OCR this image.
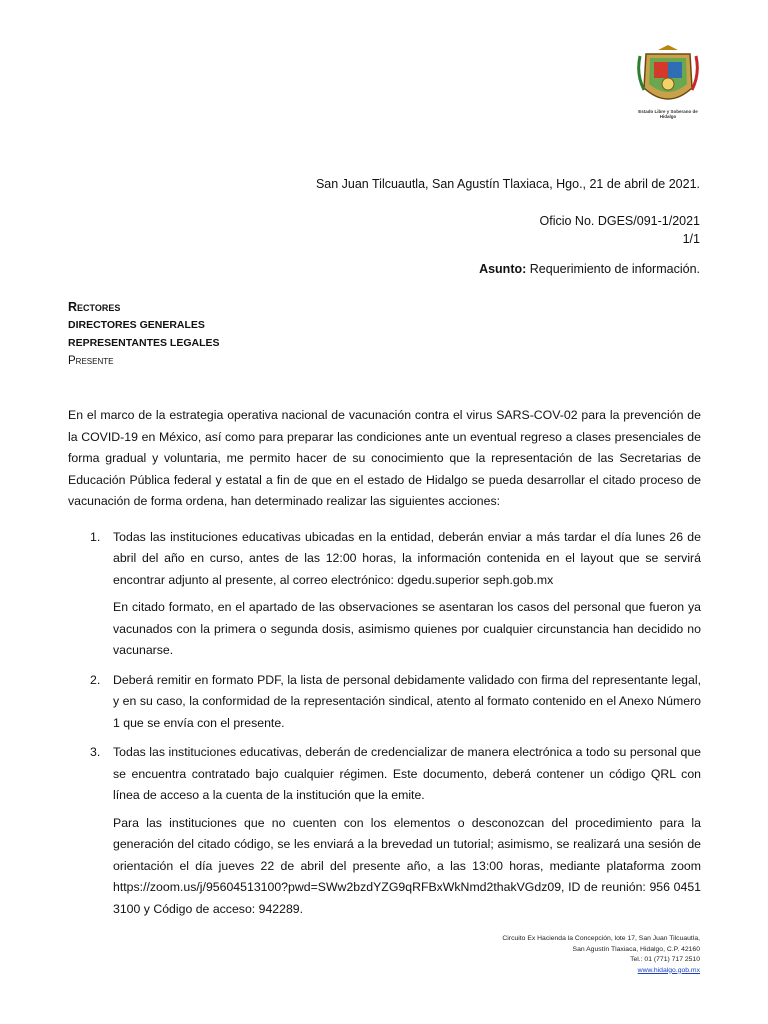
Estado Libre y Soberano de Hidalgo
San Juan Tilcuautla, San Agustín Tlaxiaca, Hgo., 21 de abril de 2021.
Oficio No. DGES/091-1/2021
1/1
Asunto: Requerimiento de información.
Rectores
DIRECTORES GENERALES
REPRESENTANTES LEGALES
Presente

En el marco de la estrategia operativa nacional de vacunación contra el virus SARS-COV-02 para la prevención de la COVID-19 en México, así como para preparar las condiciones ante un eventual regreso a clases presenciales de forma gradual y voluntaria, me permito hacer de su conocimiento que la representación de las Secretarias de Educación Pública federal y estatal a fin de que en el estado de Hidalgo se pueda desarrollar el citado proceso de vacunación de forma ordena, han determinado realizar las siguientes acciones:

1. Todas las instituciones educativas ubicadas en la entidad, deberán enviar a más tardar el día lunes 26 de abril del año en curso, antes de las 12:00 horas, la información contenida en el layout que se servirá encontrar adjunto al presente, al correo electrónico: dgedu.superior seph.gob.mx

En citado formato, en el apartado de las observaciones se asentaran los casos del personal que fueron ya vacunados con la primera o segunda dosis, asimismo quienes por cualquier circunstancia han decidido no vacunarse.

2. Deberá remitir en formato PDF, la lista de personal debidamente validado con firma del representante legal, y en su caso, la conformidad de la representación sindical, atento al formato contenido en el Anexo Número 1 que se envía con el presente.

3. Todas las instituciones educativas, deberán de credencializar de manera electrónica a todo su personal que se encuentra contratado bajo cualquier régimen. Este documento, deberá contener un código QRL con línea de acceso a la cuenta de la institución que la emite.

Para las instituciones que no cuenten con los elementos o desconozcan del procedimiento para la generación del citado código, se les enviará a la brevedad un tutorial; asimismo, se realizará una sesión de orientación el día jueves 22 de abril del presente año, a las 13:00 horas, mediante plataforma zoom https://zoom.us/j/95604513100?pwd=SWw2bzdYZG9qRFBxWkNmd2thakVGdz09, ID de reunión: 956 0451 3100 y Código de acceso: 942289.

Circuito Ex Hacienda la Concepción, lote 17, San Juan Tilcuautla,
San Agustín Tlaxiaca, Hidalgo, C.P. 42160
Tel.: 01 (771) 717 2510
www.hidalgo.gob.mx
